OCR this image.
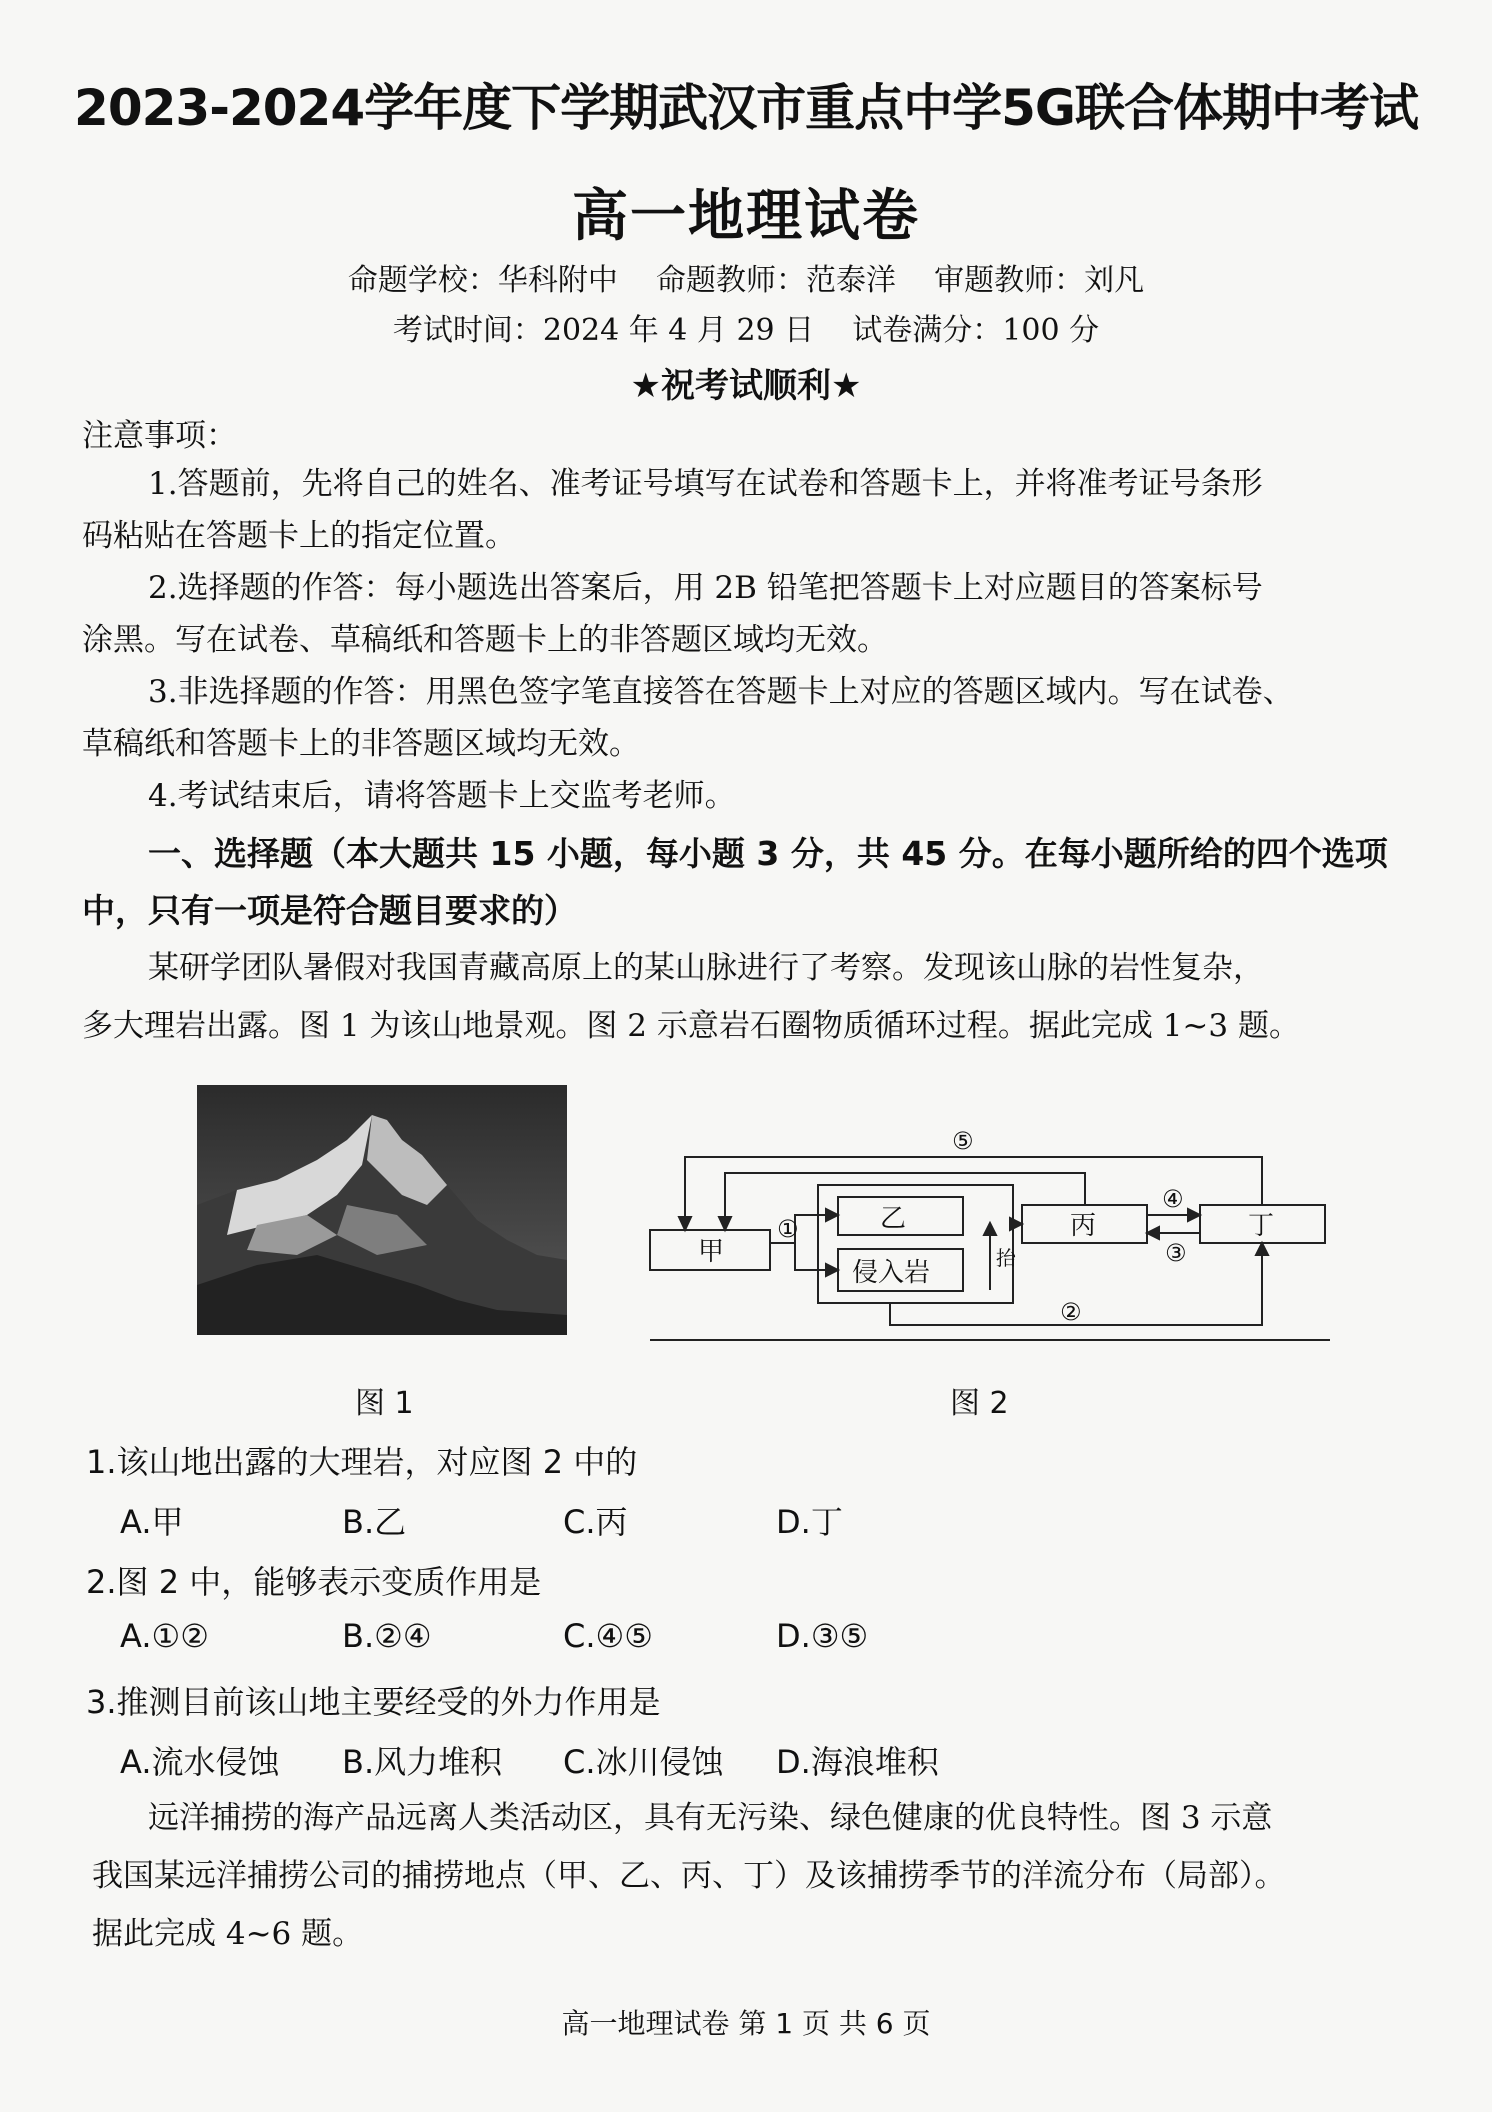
2023-2024学年度下学期武汉市重点中学5G联合体期中考试
高一地理试卷
命题学校：华科附中    命题教师：范泰洋    审题教师：刘凡
考试时间：2024 年 4 月 29 日    试卷满分：100 分
★祝考试顺利★
注意事项：
1.答题前，先将自己的姓名、准考证号填写在试卷和答题卡上，并将准考证号条形
码粘贴在答题卡上的指定位置。
2.选择题的作答：每小题选出答案后，用 2B 铅笔把答题卡上对应题目的答案标号
涂黑。写在试卷、草稿纸和答题卡上的非答题区域均无效。
3.非选择题的作答：用黑色签字笔直接答在答题卡上对应的答题区域内。写在试卷、
草稿纸和答题卡上的非答题区域均无效。
4.考试结束后，请将答题卡上交监考老师。
一、选择题（本大题共 15 小题，每小题 3 分，共 45 分。在每小题所给的四个选项
中，只有一项是符合题目要求的）
某研学团队暑假对我国青藏高原上的某山脉进行了考察。发现该山脉的岩性复杂，
多大理岩出露。图 1 为该山地景观。图 2 示意岩石圈物质循环过程。据此完成 1~3 题。
甲
乙
侵入岩
丙	丁
抬
①
②
③
④
⑤
图 1	图 2
1.该山地出露的大理岩，对应图 2 中的
A.甲	B.乙	C.丙	D.丁
2.图 2 中，能够表示变质作用是
A.①②	B.②④	C.④⑤	D.③⑤
3.推测目前该山地主要经受的外力作用是
A.流水侵蚀 B.风力堆积 C.冰川侵蚀 D.海浪堆积
远洋捕捞的海产品远离人类活动区，具有无污染、绿色健康的优良特性。图 3 示意
我国某远洋捕捞公司的捕捞地点（甲、乙、丙、丁）及该捕捞季节的洋流分布（局部）。
据此完成 4~6 题。
高一地理试卷 第 1 页 共 6 页
